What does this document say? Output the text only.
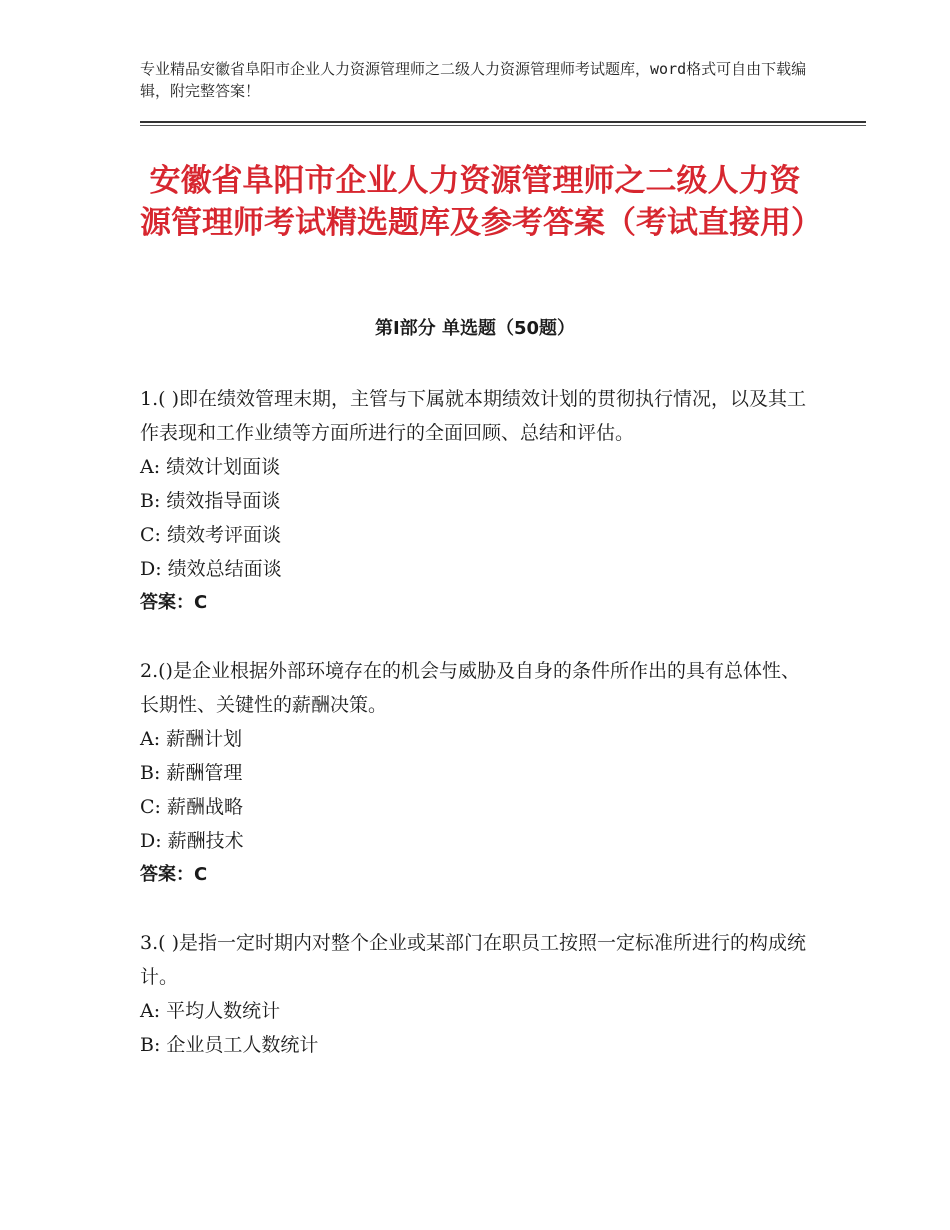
专业精品安徽省阜阳市企业人力资源管理师之二级人力资源管理师考试题库，word格式可自由下载编辑，附完整答案！
安徽省阜阳市企业人力资源管理师之二级人力资源管理师考试精选题库及参考答案（考试直接用）
第Ⅰ部分 单选题（50题）

1.( )即在绩效管理末期，主管与下属就本期绩效计划的贯彻执行情况，以及其工作表现和工作业绩等方面所进行的全面回顾、总结和评估。

A: 绩效计划面谈

B: 绩效指导面谈

C: 绩效考评面谈

D: 绩效总结面谈

答案：C

2.()是企业根据外部环境存在的机会与威胁及自身的条件所作出的具有总体性、长期性、关键性的薪酬决策。

A: 薪酬计划

B: 薪酬管理

C: 薪酬战略

D: 薪酬技术

答案：C

3.( )是指一定时期内对整个企业或某部门在职员工按照一定标准所进行的构成统计。

A: 平均人数统计

B: 企业员工人数统计
